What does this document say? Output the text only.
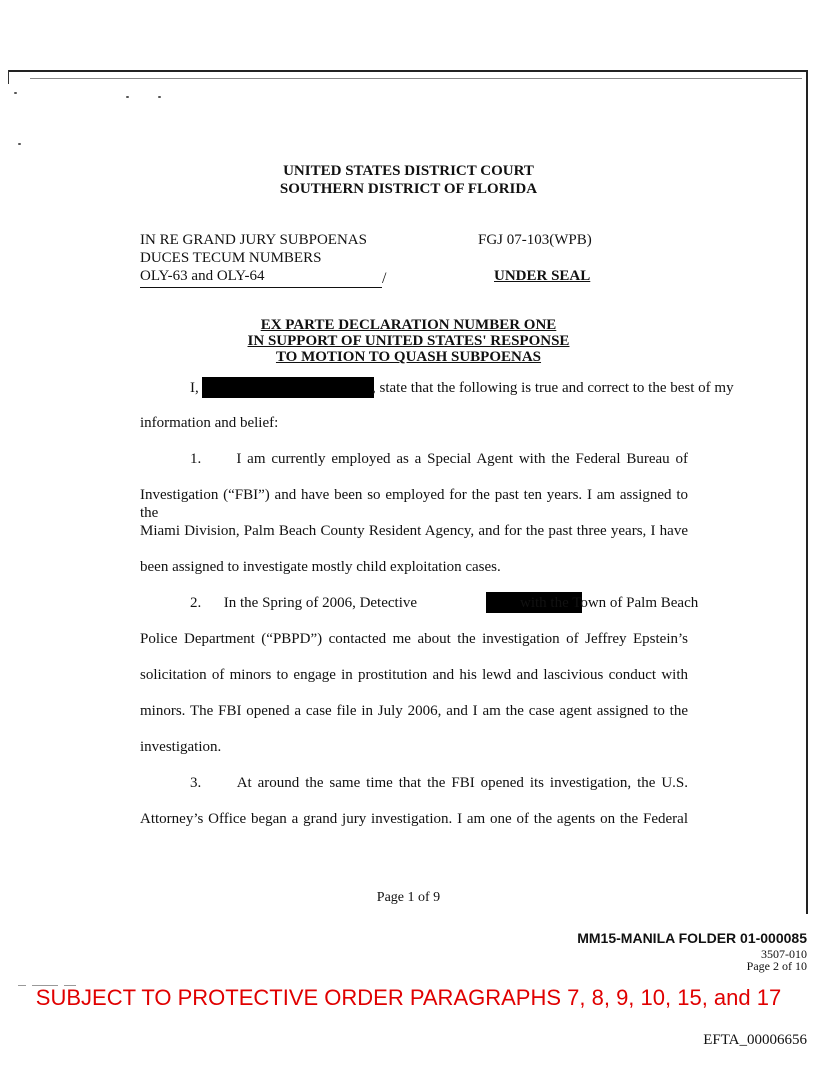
UNITED STATES DISTRICT COURT
SOUTHERN DISTRICT OF FLORIDA
IN RE GRAND JURY SUBPOENAS
DUCES TECUM NUMBERS
OLY-63 and OLY-64
FGJ 07-103(WPB)
UNDER SEAL
/
EX PARTE DECLARATION NUMBER ONE
IN SUPPORT OF UNITED STATES' RESPONSE
TO MOTION TO QUASH SUBPOENAS
I,	, state that the following is true and correct to the best of my
information and belief:
1.      I am currently employed as a Special Agent with the Federal Bureau of
Investigation (“FBI”) and have been so employed for the past ten years. I am assigned to the
Miami Division, Palm Beach County Resident Agency, and for the past three years, I have
been assigned to investigate mostly child exploitation cases.
2.      In the Spring of 2006, Detective	with the Town of Palm Beach
Police Department (“PBPD”) contacted me about the investigation of Jeffrey Epstein’s
solicitation of minors to engage in prostitution and his lewd and lascivious conduct with
minors. The FBI opened a case file in July 2006, and I am the case agent assigned to the
investigation.
3.      At around the same time that the FBI opened its investigation, the U.S.
Attorney’s Office began a grand jury investigation. I am one of the agents on the Federal
Page 1 of 9
MM15-MANILA FOLDER 01-000085
3507-010
Page 2 of 10
SUBJECT TO PROTECTIVE ORDER PARAGRAPHS 7, 8, 9, 10, 15, and 17
EFTA_00006656
